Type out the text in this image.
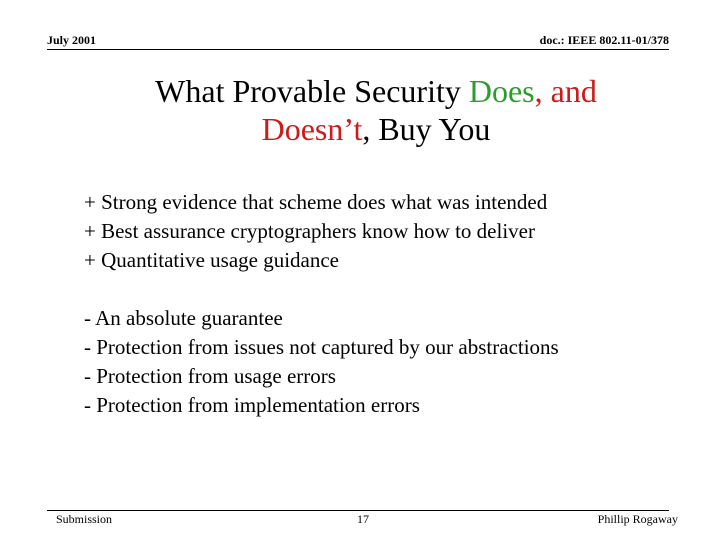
July 2001	doc.: IEEE 802.11-01/378
What Provable Security Does, and
Doesn’t, Buy You
+ Strong evidence that scheme does what was intended
+ Best assurance cryptographers know how to deliver
+ Quantitative usage guidance
- An absolute guarantee
- Protection from issues not captured by our abstractions
- Protection from usage errors
- Protection from implementation errors
Submission	17	Phillip Rogaway
